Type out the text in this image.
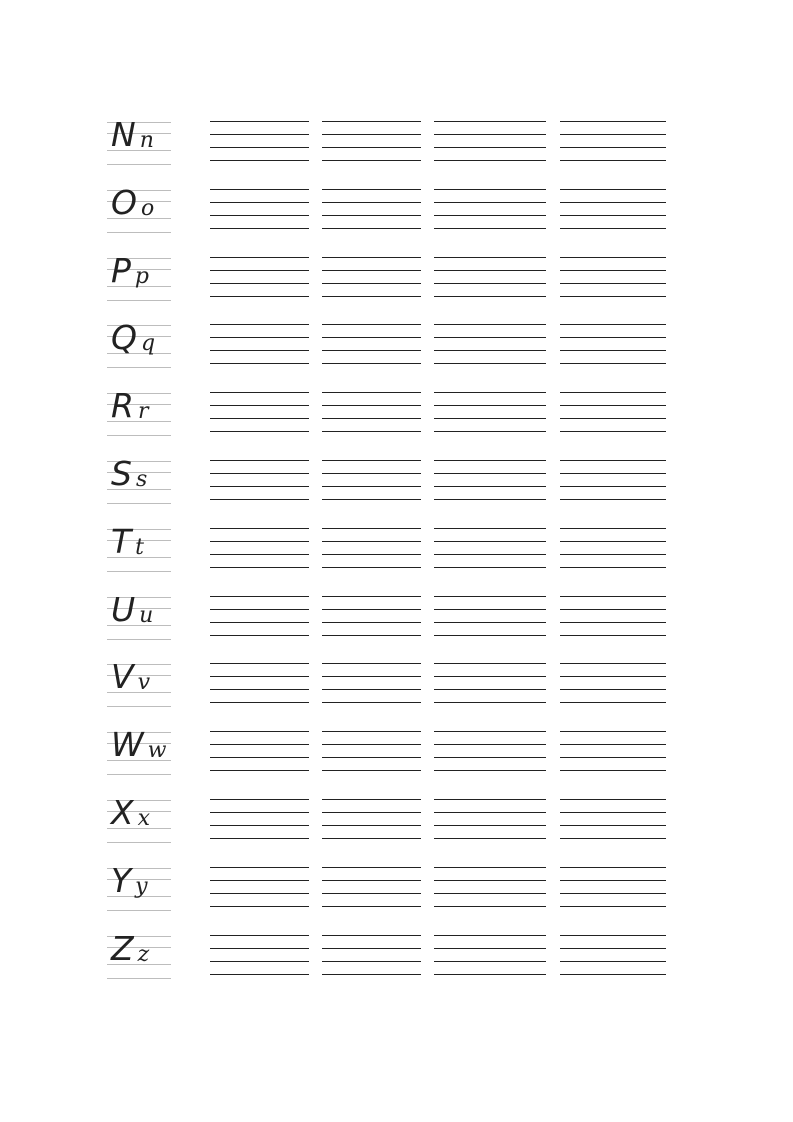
Nn
Oo
Pp
Qq
Rr
Ss
Tt
Uu
Vv
Ww
Xx
Yy
Zz
